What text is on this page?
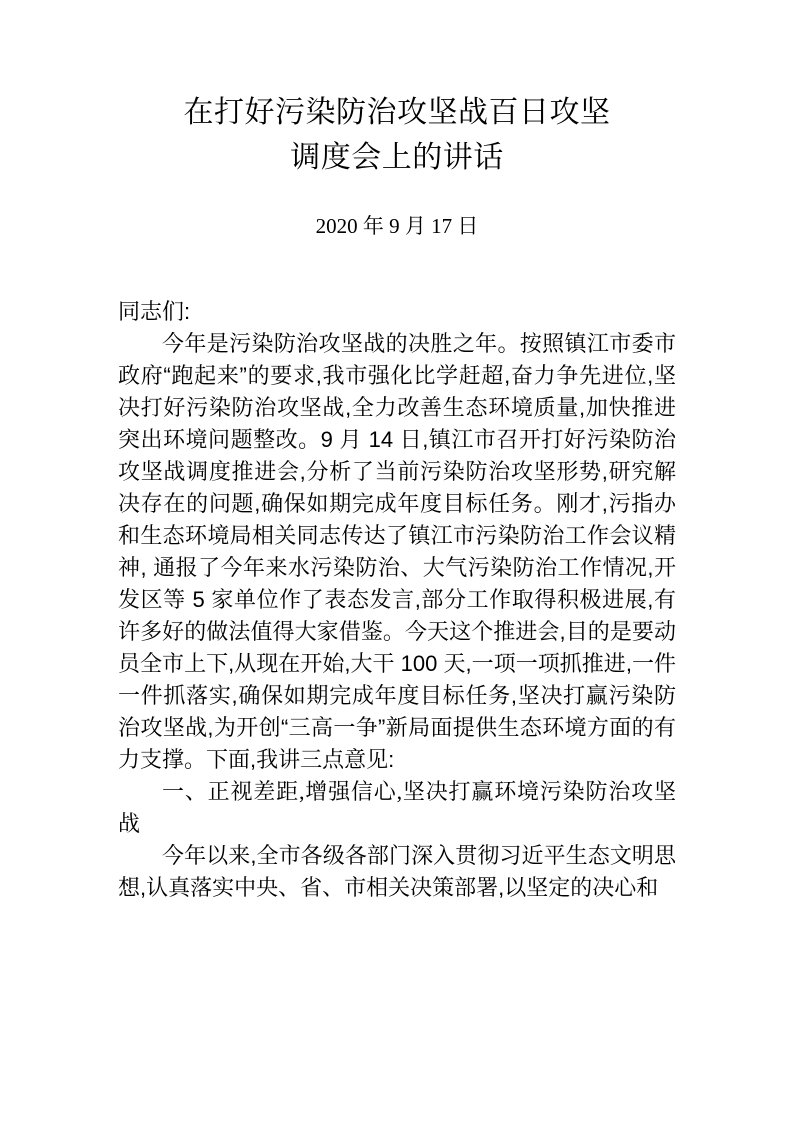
在打好污染防治攻坚战百日攻坚
调度会上的讲话
2020 年 9 月 17 日

同志们:

今年是污染防治攻坚战的决胜之年。按照镇江市委市政府“跑起来”的要求,我市强化比学赶超,奋力争先进位,坚决打好污染防治攻坚战,全力改善生态环境质量,加快推进突出环境问题整改。9 月 14 日,镇江市召开打好污染防治攻坚战调度推进会,分析了当前污染防治攻坚形势,研究解决存在的问题,确保如期完成年度目标任务。刚才,污指办和生态环境局相关同志传达了镇江市污染防治工作会议精神, 通报了今年来水污染防治、大气污染防治工作情况,开发区等 5 家单位作了表态发言,部分工作取得积极进展,有许多好的做法值得大家借鉴。今天这个推进会,目的是要动员全市上下,从现在开始,大干 100 天,一项一项抓推进,一件一件抓落实,确保如期完成年度目标任务,坚决打赢污染防治攻坚战,为开创“三高一争”新局面提供生态环境方面的有力支撑。下面,我讲三点意见:

一、正视差距,增强信心,坚决打赢环境污染防治攻坚战

今年以来,全市各级各部门深入贯彻习近平生态文明思想,认真落实中央、省、市相关决策部署,以坚定的决心和
